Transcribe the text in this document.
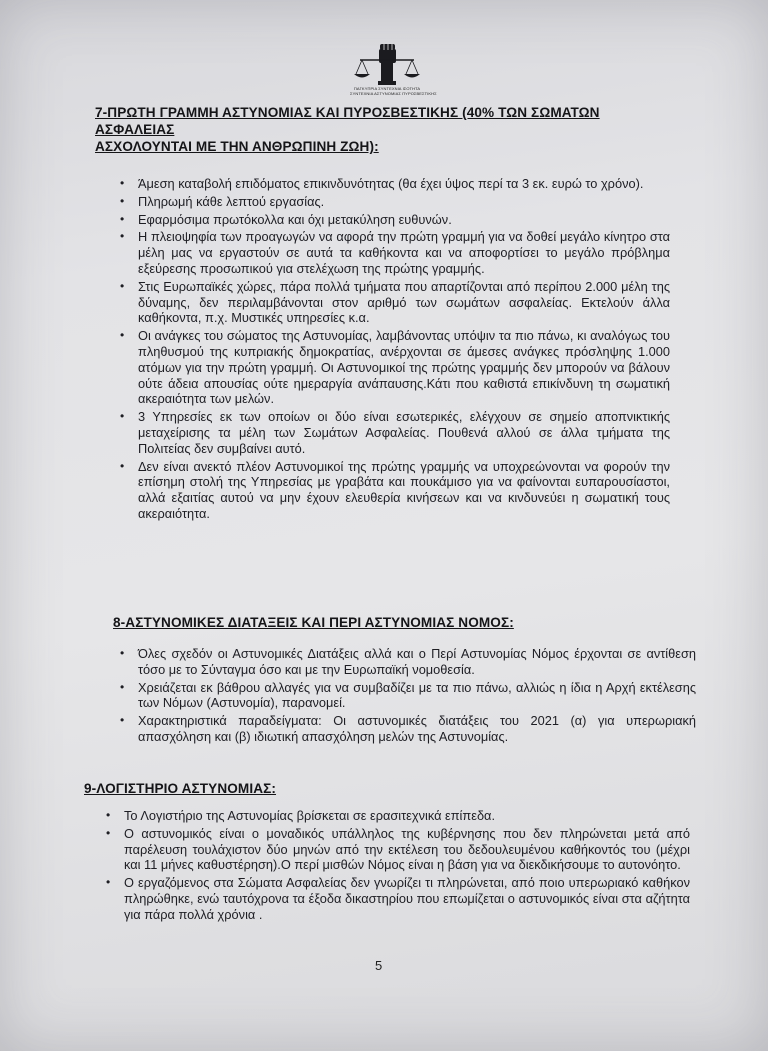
ΠΑΓΚΥΠΡΙΑ ΣΥΝΤΕΧΝΙΑ ΙΣΟΤΗΤΑ
ΣΥΝΤΕΧΝΙΑ ΑΣΤΥΝΟΜΙΑΣ ΠΥΡΟΣΒΕΣΤΙΚΗΣ
7-ΠΡΩΤΗ ΓΡΑΜΜΗ ΑΣΤΥΝΟΜΙΑΣ ΚΑΙ ΠΥΡΟΣΒΕΣΤΙΚΗΣ (40% ΤΩΝ ΣΩΜΑΤΩΝ ΑΣΦΑΛΕΙΑΣ
ΑΣΧΟΛΟΥΝΤΑΙ ΜΕ ΤΗΝ ΑΝΘΡΩΠΙΝΗ ΖΩΗ):
• Άμεση καταβολή επιδόματος επικινδυνότητας (θα έχει ύψος περί τα 3 εκ. ευρώ το χρόνο).
• Πληρωμή κάθε λεπτού εργασίας.
• Εφαρμόσιμα πρωτόκολλα και όχι μετακύληση ευθυνών.
• Η πλειοψηφία των προαγωγών να αφορά την πρώτη γραμμή για να δοθεί μεγάλο κίνητρο στα μέλη μας να εργαστούν σε αυτά τα καθήκοντα και να αποφορτίσει το μεγάλο πρόβλημα εξεύρεσης προσωπικού για στελέχωση της πρώτης γραμμής.
• Στις Ευρωπαϊκές χώρες, πάρα πολλά τμήματα που απαρτίζονται από περίπου 2.000 μέλη της δύναμης, δεν περιλαμβάνονται στον αριθμό των σωμάτων ασφαλείας. Εκτελούν άλλα καθήκοντα, π.χ. Μυστικές υπηρεσίες κ.α.
• Οι ανάγκες του σώματος της Αστυνομίας, λαμβάνοντας υπόψιν τα πιο πάνω, κι αναλόγως του πληθυσμού της κυπριακής δημοκρατίας, ανέρχονται σε άμεσες ανάγκες πρόσληψης 1.000 ατόμων για την πρώτη γραμμή. Οι Αστυνομικοί της πρώτης γραμμής δεν μπορούν να βάλουν ούτε άδεια απουσίας ούτε ημεραργία ανάπαυσης.Κάτι που καθιστά επικίνδυνη τη σωματική ακεραιότητα των μελών.
• 3 Υπηρεσίες εκ των οποίων οι δύο είναι εσωτερικές, ελέγχουν σε σημείο αποπνικτικής μεταχείρισης τα μέλη των Σωμάτων Ασφαλείας. Πουθενά αλλού σε άλλα τμήματα της Πολιτείας δεν συμβαίνει αυτό.
• Δεν είναι ανεκτό πλέον Αστυνομικοί της πρώτης γραμμής να υποχρεώνονται να φορούν την επίσημη στολή της Υπηρεσίας με γραβάτα και πουκάμισο για να φαίνονται ευπαρουσίαστοι, αλλά εξαιτίας αυτού να μην έχουν ελευθερία κινήσεων και να κινδυνεύει η σωματική τους ακεραιότητα.
8-ΑΣΤΥΝΟΜΙΚΕΣ ΔΙΑΤΑΞΕΙΣ ΚΑΙ ΠΕΡΙ ΑΣΤΥΝΟΜΙΑΣ ΝΟΜΟΣ:
• Όλες σχεδόν οι Αστυνομικές Διατάξεις αλλά και ο Περί Αστυνομίας Νόμος έρχονται σε αντίθεση τόσο με το Σύνταγμα όσο και με την Ευρωπαϊκή νομοθεσία.
• Χρειάζεται εκ βάθρου αλλαγές για να συμβαδίζει με τα πιο πάνω, αλλιώς η ίδια η Αρχή εκτέλεσης των Νόμων (Αστυνομία), παρανομεί.
• Χαρακτηριστικά παραδείγματα: Οι αστυνομικές διατάξεις του 2021 (α) για υπερωριακή απασχόληση και (β) ιδιωτική απασχόληση μελών της Αστυνομίας.
9-ΛΟΓΙΣΤΗΡΙΟ ΑΣΤΥΝΟΜΙΑΣ:
• Το Λογιστήριο της Αστυνομίας βρίσκεται σε ερασιτεχνικά επίπεδα.
• Ο αστυνομικός είναι ο μοναδικός υπάλληλος της κυβέρνησης που δεν πληρώνεται μετά από παρέλευση τουλάχιστον δύο μηνών από την εκτέλεση του δεδουλευμένου καθήκοντός του (μέχρι και 11 μήνες καθυστέρηση).Ο περί μισθών Νόμος είναι η βάση για να διεκδικήσουμε το αυτονόητο.
• Ο εργαζόμενος στα Σώματα Ασφαλείας δεν γνωρίζει τι πληρώνεται, από ποιο υπερωριακό καθήκον πληρώθηκε, ενώ ταυτόχρονα τα έξοδα δικαστηρίου που επωμίζεται ο αστυνομικός είναι στα αζήτητα για πάρα πολλά χρόνια .
5
